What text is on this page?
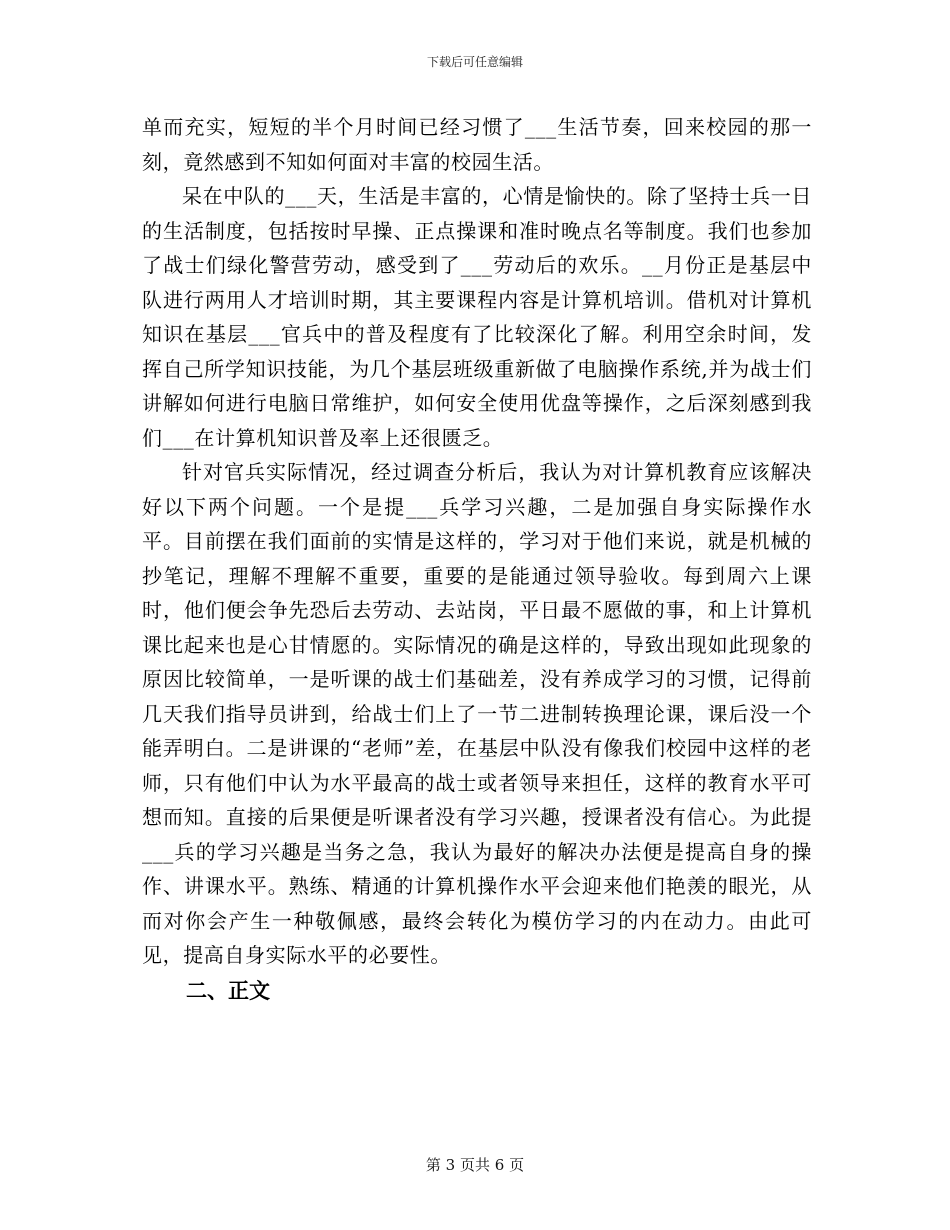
下载后可任意编辑

单而充实，短短的半个月时间已经习惯了___生活节奏，回来校园的那一刻，竟然感到不知如何面对丰富的校园生活。

呆在中队的___天，生活是丰富的，心情是愉快的。除了坚持士兵一日的生活制度，包括按时早操、正点操课和准时晚点名等制度。我们也参加了战士们绿化警营劳动，感受到了___劳动后的欢乐。__月份正是基层中队进行两用人才培训时期，其主要课程内容是计算机培训。借机对计算机知识在基层___官兵中的普及程度有了比较深化了解。利用空余时间，发挥自己所学知识技能，为几个基层班级重新做了电脑操作系统,并为战士们讲解如何进行电脑日常维护，如何安全使用优盘等操作，之后深刻感到我们___在计算机知识普及率上还很匮乏。

针对官兵实际情况，经过调查分析后，我认为对计算机教育应该解决好以下两个问题。一个是提___兵学习兴趣，二是加强自身实际操作水平。目前摆在我们面前的实情是这样的，学习对于他们来说，就是机械的抄笔记，理解不理解不重要，重要的是能通过领导验收。每到周六上课时，他们便会争先恐后去劳动、去站岗，平日最不愿做的事，和上计算机课比起来也是心甘情愿的。实际情况的确是这样的，导致出现如此现象的原因比较简单，一是听课的战士们基础差，没有养成学习的习惯，记得前几天我们指导员讲到，给战士们上了一节二进制转换理论课，课后没一个能弄明白。二是讲课的“老师”差，在基层中队没有像我们校园中这样的老师，只有他们中认为水平最高的战士或者领导来担任，这样的教育水平可想而知。直接的后果便是听课者没有学习兴趣，授课者没有信心。为此提___兵的学习兴趣是当务之急，我认为最好的解决办法便是提高自身的操作、讲课水平。熟练、精通的计算机操作水平会迎来他们艳羡的眼光，从而对你会产生一种敬佩感，最终会转化为模仿学习的内在动力。由此可见，提高自身实际水平的必要性。

二、正文

第 3 页共 6 页
